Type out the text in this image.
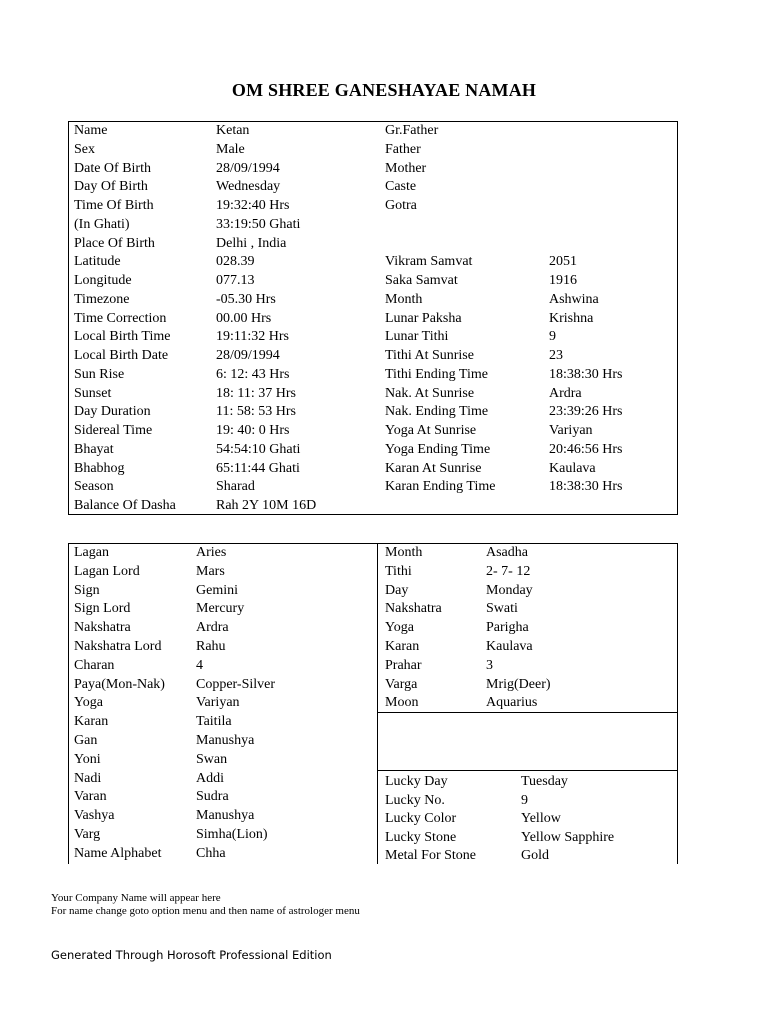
OM SHREE GANESHAYAE NAMAH
Name	Ketan	Gr.Father
Sex	Male	Father
Date Of Birth	28/09/1994	Mother
Day Of Birth	Wednesday	Caste
Time Of Birth	19:32:40 Hrs	Gotra
(In Ghati)	33:19:50 Ghati
Place Of Birth	Delhi , India
Latitude	028.39	Vikram Samvat	2051
Longitude	077.13	Saka Samvat	1916
Timezone	-05.30 Hrs	Month	Ashwina
Time Correction	00.00 Hrs	Lunar Paksha	Krishna
Local Birth Time	19:11:32 Hrs	Lunar Tithi	9
Local Birth Date	28/09/1994	Tithi At Sunrise	23
Sun Rise	6: 12: 43 Hrs	Tithi Ending Time	18:38:30 Hrs
Sunset	18: 11: 37 Hrs	Nak. At Sunrise	Ardra
Day Duration	11: 58: 53 Hrs	Nak. Ending Time	23:39:26 Hrs
Sidereal Time	19: 40: 0 Hrs	Yoga At Sunrise	Variyan
Bhayat	54:54:10 Ghati	Yoga Ending Time	20:46:56 Hrs
Bhabhog	65:11:44 Ghati	Karan At Sunrise	Kaulava
Season	Sharad	Karan Ending Time	18:38:30 Hrs
Balance Of Dasha	Rah 2Y 10M 16D
Lagan	Aries
Lagan Lord	Mars
Sign	Gemini
Sign Lord	Mercury
Nakshatra	Ardra
Nakshatra Lord Rahu
Charan	4
Paya(Mon-Nak) Copper-Silver
Yoga	Variyan
Karan	Taitila
Gan	Manushya
Yoni	Swan
Nadi	Addi
Varan	Sudra
Vashya	Manushya
Varg	Simha(Lion)
Name Alphabet Chha
Month	Asadha
Tithi	2- 7- 12
Day	Monday
Nakshatra	Swati
Yoga	Parigha
Karan	Kaulava
Prahar	3
Varga	Mrig(Deer)
Moon	Aquarius
Lucky Day	Tuesday
Lucky No.	9
Lucky Color	Yellow
Lucky Stone	Yellow Sapphire
Metal For Stone	Gold
Your Company Name will appear here
For name change goto option menu and then name of astrologer menu
Generated Through Horosoft Professional Edition
